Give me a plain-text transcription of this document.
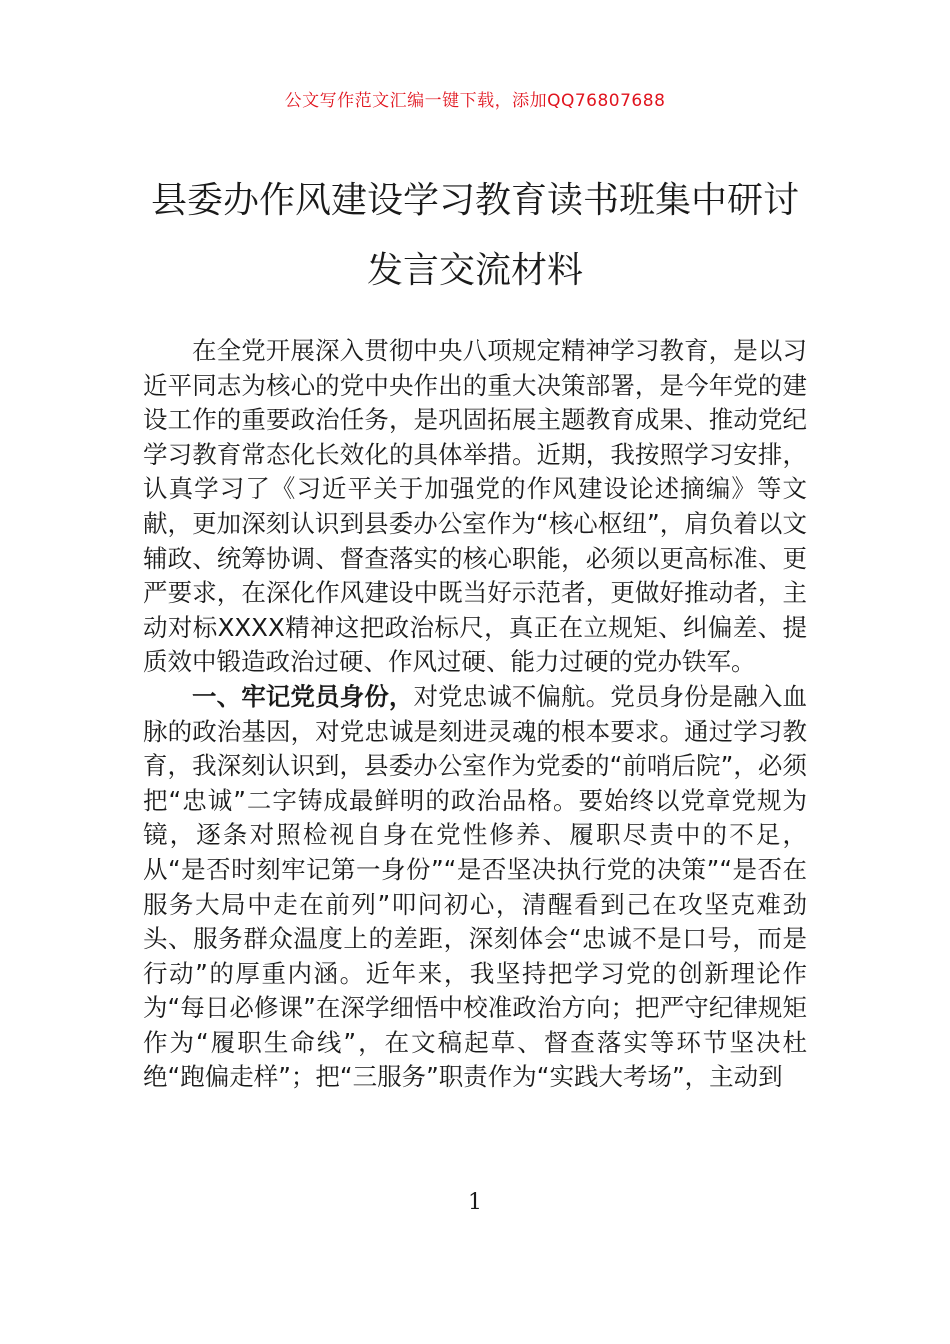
公文写作范文汇编一键下载，添加QQ76807688
县委办作风建设学习教育读书班集中研讨
发言交流材料

在全党开展深入贯彻中央八项规定精神学习教育，是以习近平同志为核心的党中央作出的重大决策部署，是今年党的建设工作的重要政治任务，是巩固拓展主题教育成果、推动党纪学习教育常态化长效化的具体举措。近期，我按照学习安排，认真学习了《习近平关于加强党的作风建设论述摘编》等文献，更加深刻认识到县委办公室作为“核心枢纽”，肩负着以文辅政、统筹协调、督查落实的核心职能，必须以更高标准、更严要求，在深化作风建设中既当好示范者，更做好推动者，主动对标XXXX精神这把政治标尺，真正在立规矩、纠偏差、提质效中锻造政治过硬、作风过硬、能力过硬的党办铁军。

一、牢记党员身份，对党忠诚不偏航。党员身份是融入血脉的政治基因，对党忠诚是刻进灵魂的根本要求。通过学习教育，我深刻认识到，县委办公室作为党委的“前哨后院”，必须把“忠诚”二字铸成最鲜明的政治品格。要始终以党章党规为镜，逐条对照检视自身在党性修养、履职尽责中的不足，从“是否时刻牢记第一身份”“是否坚决执行党的决策”“是否在服务大局中走在前列”叩问初心，清醒看到己在攻坚克难劲头、服务群众温度上的差距，深刻体会“忠诚不是口号，而是行动”的厚重内涵。近年来，我坚持把学习党的创新理论作为“每日必修课”在深学细悟中校准政治方向；把严守纪律规矩作为“履职生命线”，在文稿起草、督查落实等环节坚决杜绝“跑偏走样”；把“三服务”职责作为“实践大考场”，主动到

1
